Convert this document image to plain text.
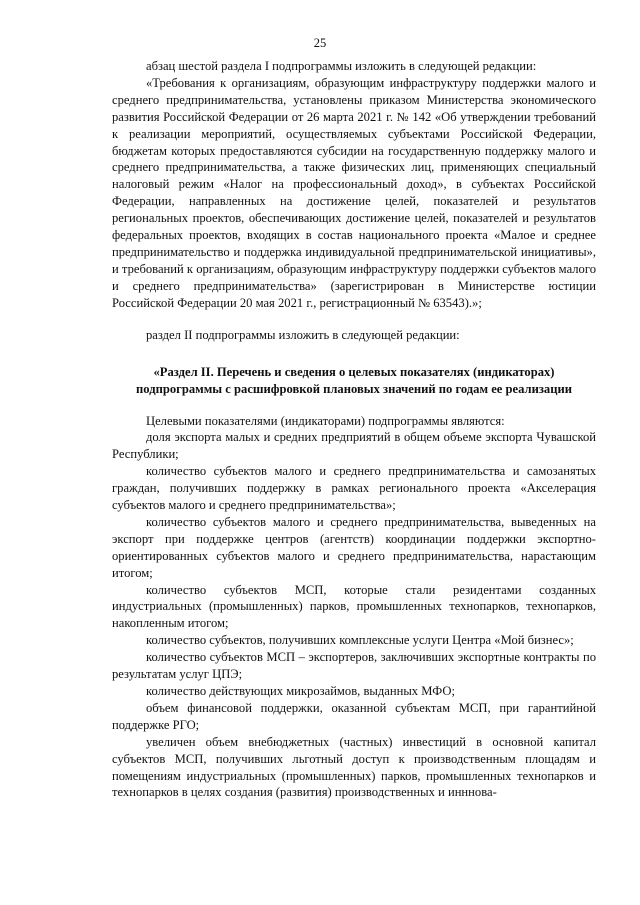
25

абзац шестой раздела I подпрограммы изложить в следующей редакции:

«Требования к организациям, образующим инфраструктуру поддержки малого и среднего предпринимательства, установлены приказом Министерства экономического развития Российской Федерации от 26 марта 2021 г. № 142 «Об утверждении требований к реализации мероприятий, осуществляемых субъектами Российской Федерации, бюджетам которых предоставляются субсидии на государственную поддержку малого и среднего предпринимательства, а также физических лиц, применяющих специальный налоговый режим «Налог на профессиональный доход», в субъектах Российской Федерации, направленных на достижение целей, показателей и результатов региональных проектов, обеспечивающих достижение целей, показателей и результатов федеральных проектов, входящих в состав национального проекта «Малое и среднее предпринимательство и поддержка индивидуальной предпринимательской инициативы», и требований к организациям, образующим инфраструктуру поддержки субъектов малого и среднего предпринимательства» (зарегистрирован в Министерстве юстиции Российской Федерации 20 мая 2021 г., регистрационный № 63543).»;

раздел II подпрограммы изложить в следующей редакции:

«Раздел II. Перечень и сведения о целевых показателях (индикаторах) подпрограммы с расшифровкой плановых значений по годам ее реализации

Целевыми показателями (индикаторами) подпрограммы являются:

доля экспорта малых и средних предприятий в общем объеме экспорта Чувашской Республики;

количество субъектов малого и среднего предпринимательства и самозанятых граждан, получивших поддержку в рамках регионального проекта «Акселерация субъектов малого и среднего предпринимательства»;

количество субъектов малого и среднего предпринимательства, выведенных на экспорт при поддержке центров (агентств) координации поддержки экспортно-ориентированных субъектов малого и среднего предпринимательства, нарастающим итогом;

количество субъектов МСП, которые стали резидентами созданных индустриальных (промышленных) парков, промышленных технопарков, технопарков, накопленным итогом;

количество субъектов, получивших комплексные услуги Центра «Мой бизнес»;

количество субъектов МСП – экспортеров, заключивших экспортные контракты по результатам услуг ЦПЭ;

количество действующих микрозаймов, выданных МФО;

объем финансовой поддержки, оказанной субъектам МСП, при гарантийной поддержке РГО;

увеличен объем внебюджетных (частных) инвестиций в основной капитал субъектов МСП, получивших льготный доступ к производственным площадям и помещениям индустриальных (промышленных) парков, промышленных технопарков и технопарков в целях создания (развития) производственных и инннова-
